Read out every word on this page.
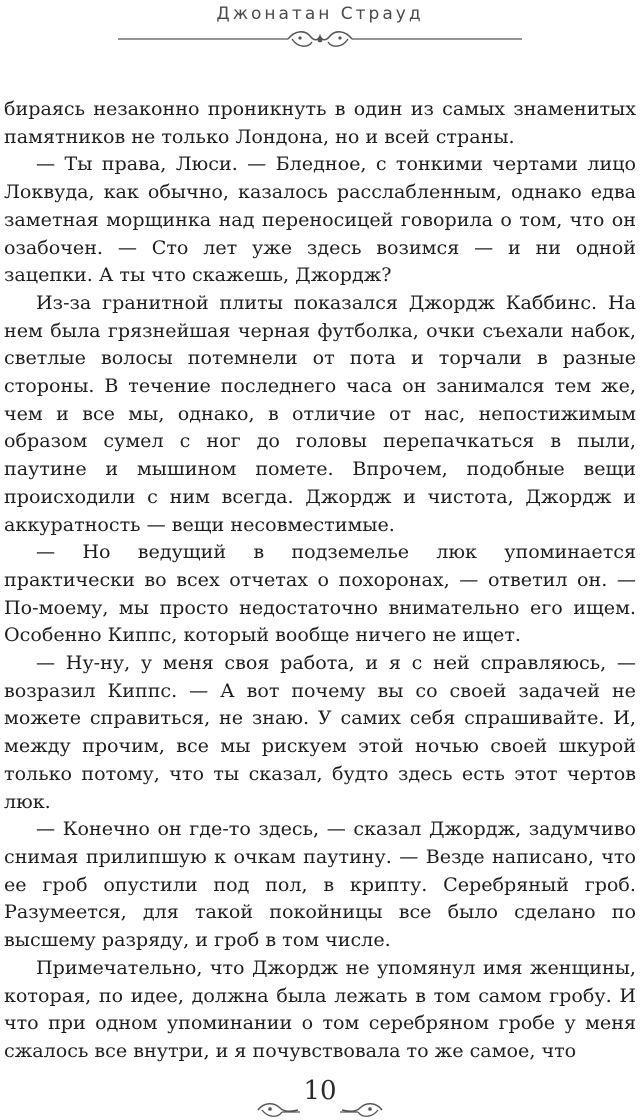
Джонатан Страуд

бираясь незаконно проникнуть в один из самых знаменитых памятников не только Лондона, но и всей страны.

— Ты права, Люси. — Бледное, с тонкими чертами лицо Локвуда, как обычно, казалось расслабленным, однако едва заметная морщинка над переносицей говорила о том, что он озабочен. — Сто лет уже здесь возимся — и ни одной зацепки. А ты что скажешь, Джордж?

Из-за гранитной плиты показался Джордж Каббинс. На нем была грязнейшая черная футболка, очки съехали набок, светлые волосы потемнели от пота и торчали в разные стороны. В течение последнего часа он занимался тем же, чем и все мы, однако, в отличие от нас, непостижимым образом сумел с ног до головы перепачкаться в пыли, паутине и мышином помете. Впрочем, подобные вещи происходили с ним всегда. Джордж и чистота, Джордж и аккуратность — вещи несовместимые.

— Но ведущий в подземелье люк упоминается практически во всех отчетах о похоронах, — ответил он. — По-моему, мы просто недостаточно внимательно его ищем. Особенно Киппс, который вообще ничего не ищет.

— Ну-ну, у меня своя работа, и я с ней справляюсь, — возразил Киппс. — А вот почему вы со своей задачей не можете справиться, не знаю. У самих себя спрашивайте. И, между прочим, все мы рискуем этой ночью своей шкурой только потому, что ты сказал, будто здесь есть этот чертов люк.

— Конечно он где-то здесь, — сказал Джордж, задумчиво снимая прилипшую к очкам паутину. — Везде написано, что ее гроб опустили под пол, в крипту. Серебряный гроб. Разумеется, для такой покойницы все было сделано по высшему разряду, и гроб в том числе.

Примечательно, что Джордж не упомянул имя женщины, которая, по идее, должна была лежать в том самом гробу. И что при одном упоминании о том серебряном гробе у меня сжалось все внутри, и я почувствовала то же самое, что

10
